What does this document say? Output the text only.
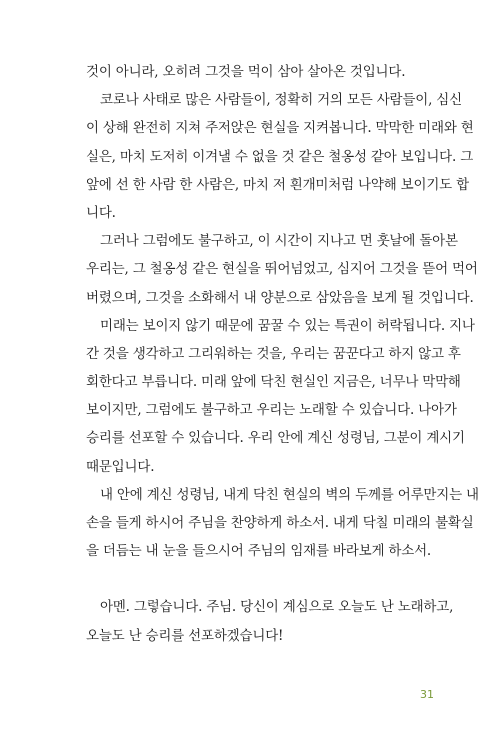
것이 아니라, 오히려 그것을 먹이 삼아 살아온 것입니다.
코로나 사태로 많은 사람들이, 정확히 거의 모든 사람들이, 심신
이 상해 완전히 지쳐 주저앉은 현실을 지켜봅니다. 막막한 미래와 현
실은, 마치 도저히 이겨낼 수 없을 것 같은 철옹성 같아 보입니다. 그
앞에 선 한 사람 한 사람은, 마치 저 흰개미처럼 나약해 보이기도 합
니다.
그러나 그럼에도 불구하고, 이 시간이 지나고 먼 훗날에 돌아본
우리는, 그 철옹성 같은 현실을 뛰어넘었고, 심지어 그것을 뜯어 먹어
버렸으며, 그것을 소화해서 내 양분으로 삼았음을 보게 될 것입니다.
미래는 보이지 않기 때문에 꿈꿀 수 있는 특권이 허락됩니다. 지나
간 것을 생각하고 그리워하는 것을, 우리는 꿈꾼다고 하지 않고 후
회한다고 부릅니다. 미래 앞에 닥친 현실인 지금은, 너무나 막막해
보이지만, 그럼에도 불구하고 우리는 노래할 수 있습니다. 나아가
승리를 선포할 수 있습니다. 우리 안에 계신 성령님, 그분이 계시기
때문입니다.
내 안에 계신 성령님, 내게 닥친 현실의 벽의 두께를 어루만지는 내
손을 들게 하시어 주님을 찬양하게 하소서. 내게 닥칠 미래의 불확실
을 더듬는 내 눈을 들으시어 주님의 임재를 바라보게 하소서.
아멘. 그렇습니다. 주님. 당신이 계심으로 오늘도 난 노래하고,
오늘도 난 승리를 선포하겠습니다!
31
